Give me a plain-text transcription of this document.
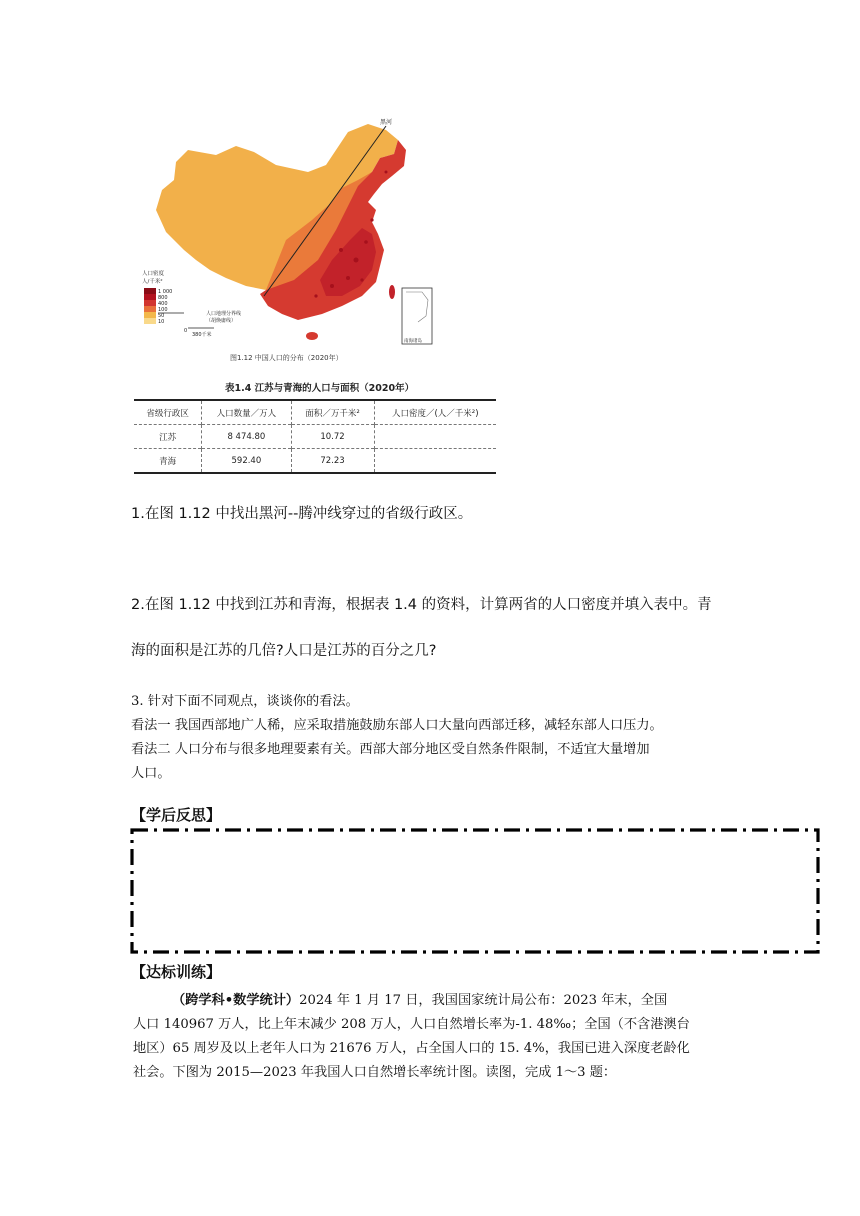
黑河
人口密度
人/千米²
1 000
800
400
100
50
10
人口地理分界线
（胡焕庸线）
0
380千米
南海诸岛
图1.12 中国人口的分布（2020年）
表1.4 江苏与青海的人口与面积（2020年）
省级行政区	人口数量／万人	面积／万千米²	人口密度／(人／千米²)
江苏	8 474.80	10.72	
青海	592.40	72.23	
1.在图 1.12 中找出黑河--腾冲线穿过的省级行政区。
2.在图 1.12 中找到江苏和青海，根据表 1.4 的资料，计算两省的人口密度并填入表中。青
海的面积是江苏的几倍?人口是江苏的百分之几?
3. 针对下面不同观点，谈谈你的看法。
看法一 我国西部地广人稀，应采取措施鼓励东部人口大量向西部迁移，减轻东部人口压力。
看法二 人口分布与很多地理要素有关。西部大部分地区受自然条件限制，不适宜大量增加
人口。
【学后反思】
【达标训练】
（跨学科•数学统计）2024 年 1 月 17 日，我国国家统计局公布：2023 年末，全国
人口 140967 万人，比上年末减少 208 万人，人口自然增长率为-1. 48‰；全国（不含港澳台
地区）65 周岁及以上老年人口为 21676 万人，占全国人口的 15. 4%，我国已进入深度老龄化
社会。下图为 2015—2023 年我国人口自然增长率统计图。读图，完成 1～3 题：
